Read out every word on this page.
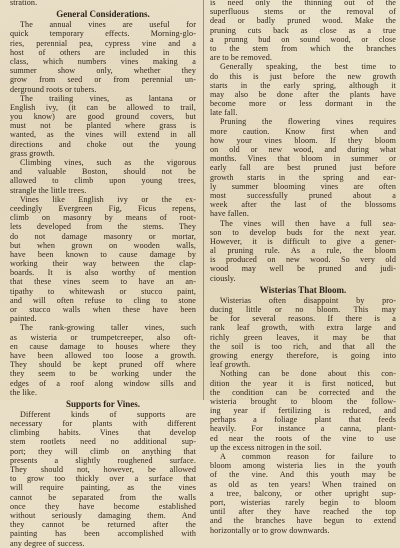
stration.
General Considerations.
The annual vines are useful for
quick temporary effects. Morning-glo-
ries, perennial pea, cypress vine and a
host of others are included in this
class, which numbers vines making a
summer show only, whether they
grow from seed or from perennial un-
derground roots or tubers.
The trailing vines, as lantana or
English ivy, (it can be allowed to trail,
you know) are good ground covers, but
must not be planted where grass is
wanted, as the vines will extend in all
directions and choke out the young
grass growth.
Climbing vines, such as the vigorous
and valuable Boston, should not be
allowed to climb upon young trees,
strangle the little trees.
Vines like English ivy or the ex-
ceedingly Evergreen Fig, Ficus repens,
climb on masonry by means of root-
lets developed from the stems. They
do not damage masonry or mortar,
but when grown on wooden walls,
have been known to cause damage by
working their way between the clap-
boards. It is also worthy of mention
that these vines seem to have an an-
tipathy to whitewash or stucco paint,
and will often refuse to cling to stone
or stucco walls when these have been
painted.
The rank-growing taller vines, such
as wisteria or trumpetcreeper, also oft-
en cause damage to houses where they
have been allowed too loose a growth.
They should be kept pruned off where
they seem to be working under the
edges of a roof along window sills and
the like.
Supports for Vines.
Different kinds of supports are
necessary for plants with different
climbing habits. Vines that develop
stem rootlets need no additional sup-
port; they will climb on anything that
presents a slightly roughened surface.
They should not, however, be allowed
to grow too thickly over a surface that
will require painting, as the vines
cannot be separated from the walls
once they have become established
without seriously damaging them. And
they cannot be returned after the
painting has been accomplished with
any degree of success.
is need only the thinning out of the
superfluous stems or the removal of
dead or badly pruned wood. Make the
pruning cuts back as close as a true
a prunng bud on sound wood, or close
to the stem from which the branches
are to be removed.
Generally speaking, the best time to
do this is just before the new growth
starts in the early spring, although it
may also be done after the plants have
become more or less dormant in the
late fall.
Pruning the flowering vines requires
more caution. Know first when and
how your vines bloom. If they bloom
on old or new wood, and during what
months. Vines that bloom in summer or
early fall are best pruned just before
growth starts in the spring and ear-
ly summer blooming vines are often
most successfully pruned about a
week after the last of the blossoms
have fallen.
The vines will then have a full sea-
son to develop buds for the next year.
However, it is difficult to give a gener-
al pruning rule. As a rule, the bloom
is produced on new wood. So very old
wood may well be pruned and judi-
ciously.
Wisterias That Bloom.
Wisterias often disappoint by pro-
ducing little or no bloom. This may
be for several reasons. If there is a
rank leaf growth, with extra large and
richly green leaves, it may be that
the soil is too rich, and that all the
growing energy therefore, is going into
leaf growth.
Nothing can be done about this con-
dition the year it is first noticed, but
the condition can be corrected and the
wisteria brought to bloom the follow-
ing year if fertilizing is reduced, and
perhaps a foliage plant that feeds
heavily. For instance a canna, plant-
ed near the roots of the vine to use
up the excess nitrogen in the soil.
A common reason for failure to
bloom among wisteria lies in the youth
of the vine. And this youth may be
as old as ten years! When trained on
a tree, balcony, or other upright sup-
port, wisterias rarely begin to bloom
until after they have reached the top
and the branches have begun to extend
horizontally or to grow downwards.
